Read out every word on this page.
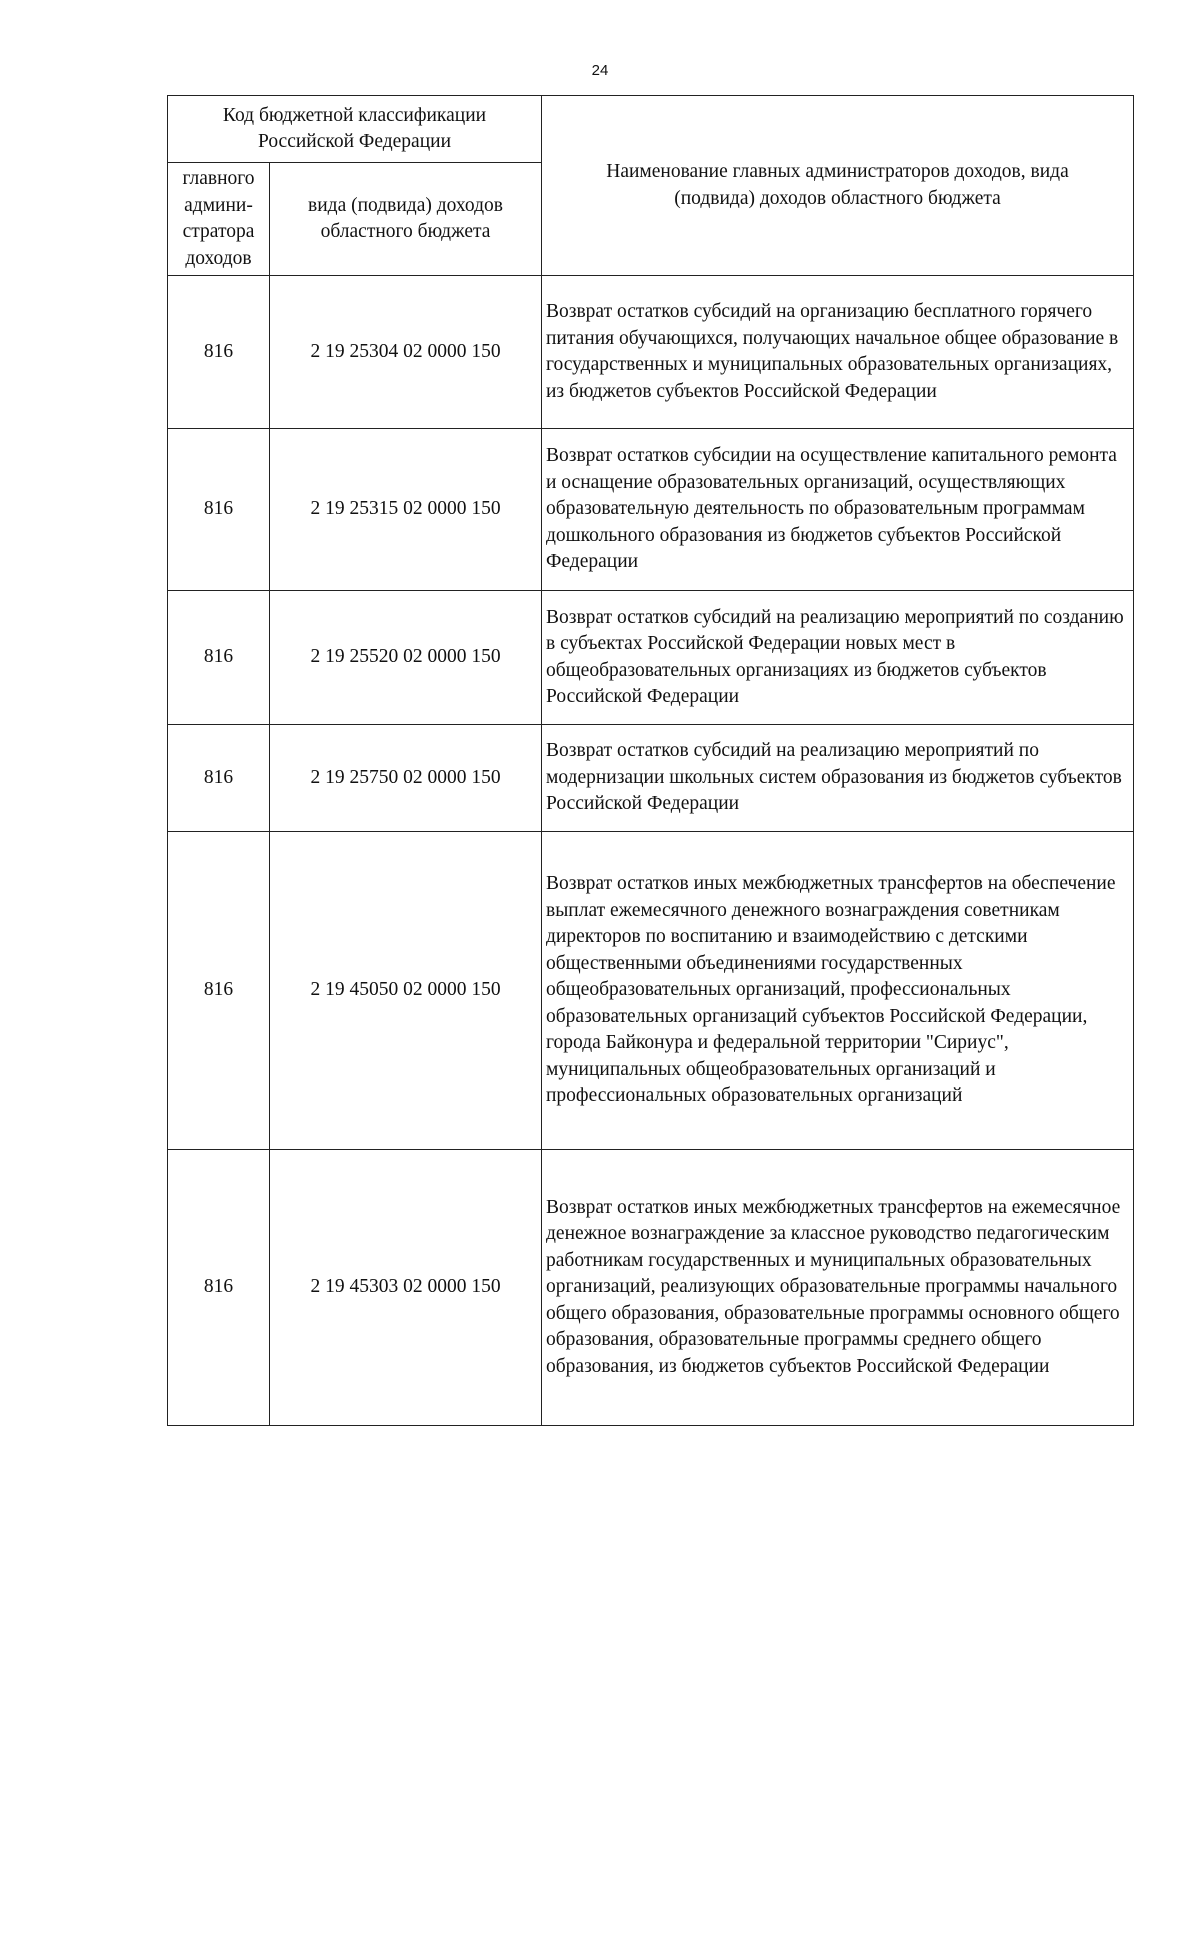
24
Код бюджетной классификации Российской Федерации		Наименование главных администраторов доходов, вида (подвида) доходов областного бюджета

главного админи-стратора доходов	вида (подвида) доходов областного бюджета	

816	2 19 25304 02 0000 150	Возврат остатков субсидий на организацию бесплатного горячего питания обучающихся, получающих начальное общее образование в государственных и муниципальных образовательных организациях, из бюджетов субъектов Российской Федерации
816	2 19 25315 02 0000 150	Возврат остатков субсидии на осуществление капитального ремонта и оснащение образовательных организаций, осуществляющих образовательную деятельность по образовательным программам дошкольного образования из бюджетов субъектов Российской Федерации
816	2 19 25520 02 0000 150	Возврат остатков субсидий на реализацию мероприятий по созданию в субъектах Российской Федерации новых мест в общеобразовательных организациях из бюджетов субъектов Российской Федерации
816	2 19 25750 02 0000 150	Возврат остатков субсидий на реализацию мероприятий по модернизации школьных систем образования из бюджетов субъектов Российской Федерации
816	2 19 45050 02 0000 150	Возврат остатков иных межбюджетных трансфертов на обеспечение выплат ежемесячного денежного вознаграждения советникам директоров по воспитанию и взаимодействию с детскими общественными объединениями государственных общеобразовательных организаций, профессиональных образовательных организаций субъектов Российской Федерации, города Байконура и федеральной территории "Сириус", муниципальных общеобразовательных организаций и профессиональных образовательных организаций
816	2 19 45303 02 0000 150	Возврат остатков иных межбюджетных трансфертов на ежемесячное денежное вознаграждение за классное руководство педагогическим работникам государственных и муниципальных образовательных организаций, реализующих образовательные программы начального общего образования, образовательные программы основного общего образования, образовательные программы среднего общего образования, из бюджетов субъектов Российской Федерации
